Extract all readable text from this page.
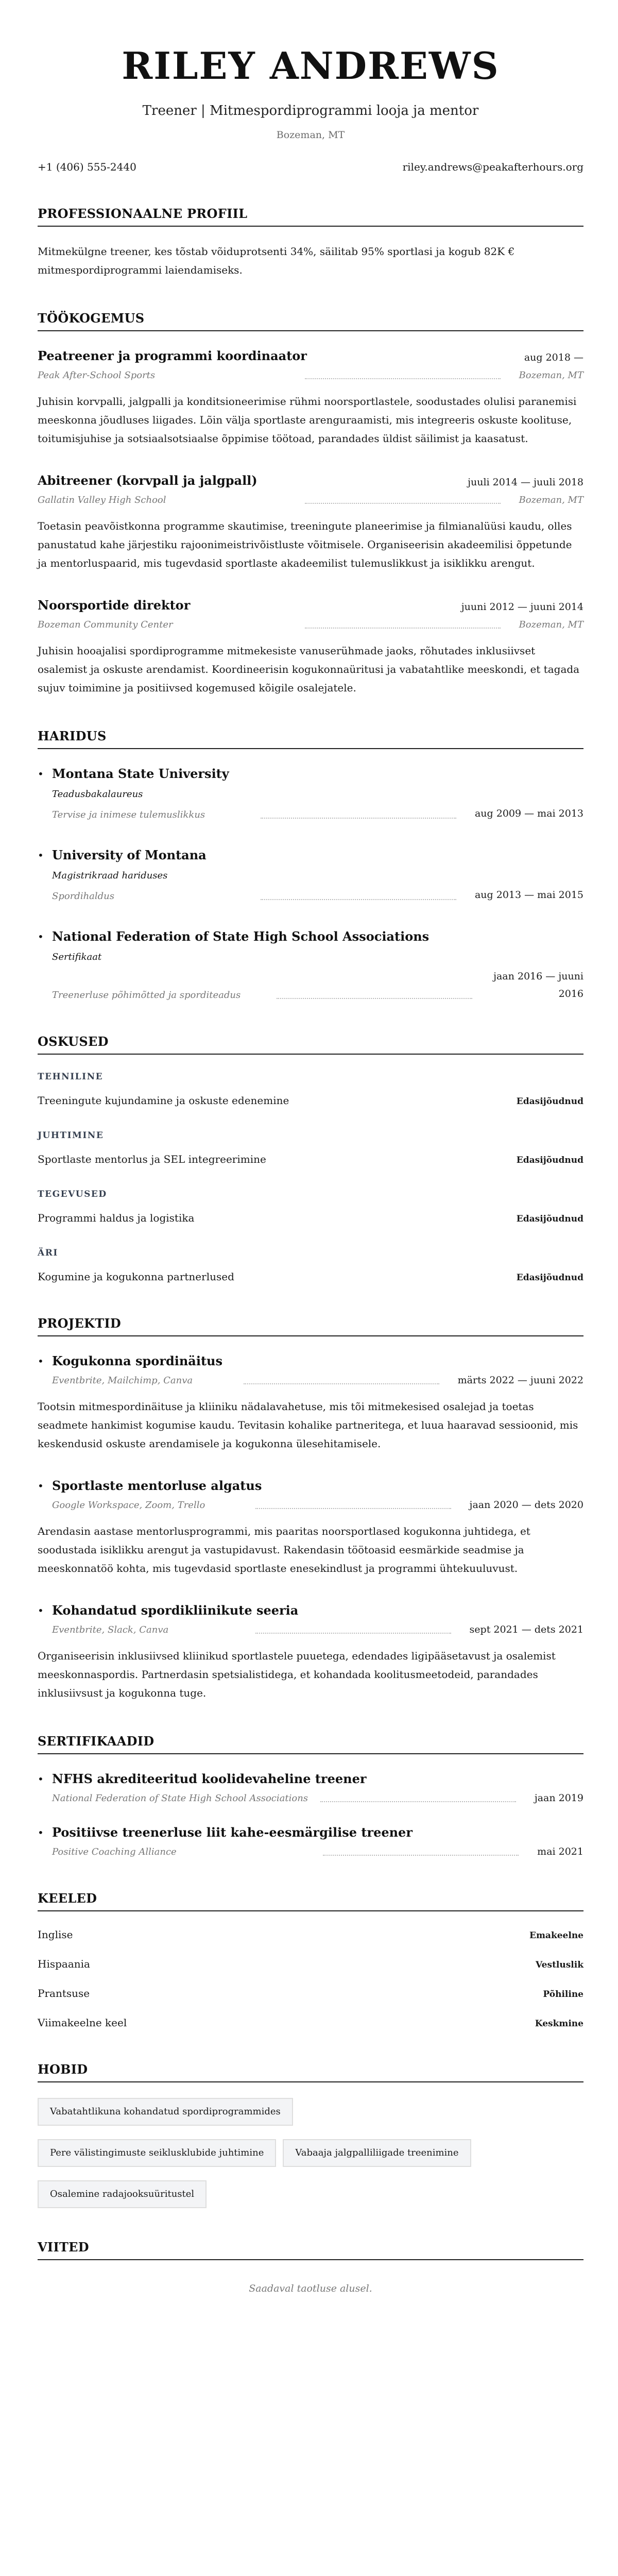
RILEY ANDREWS
Treener | Mitmespordiprogrammi looja ja mentor
Bozeman, MT
+1 (406) 555-2440	riley.andrews@peakafterhours.org
PROFESSIONAALNE PROFIIL

Mitmekülgne treener, kes tõstab võiduprotsenti 34%, säilitab 95% sportlasi ja kogub 82K € mitmespordiprogrammi laiendamiseks.

TÖÖKOGEMUS
Peatreener ja programmi koordinaator	aug 2018 —
Peak After-School Sports	Bozeman, MT

Juhisin korvpalli, jalgpalli ja konditsioneerimise rühmi noorsportlastele, soodustades olulisi paranemisi meeskonna jõudluses liigades. Lõin välja sportlaste arenguraamisti, mis integreeris oskuste koolituse, toitumisjuhise ja sotsiaalsotsiaalse õppimise töötoad, parandades üldist säilimist ja kaasatust.

Abitreener (korvpall ja jalgpall)	juuli 2014 — juuli 2018
Gallatin Valley High School	Bozeman, MT

Toetasin peavõistkonna programme skautimise, treeningute planeerimise ja filmianalüüsi kaudu, olles panustatud kahe järjestiku rajoonimeistrivõistluste võitmisele. Organiseerisin akadeemilisi õppetunde ja mentorluspaarid, mis tugevdasid sportlaste akadeemilist tulemuslikkust ja isiklikku arengut.

Noorsportide direktor	juuni 2012 — juuni 2014
Bozeman Community Center	Bozeman, MT

Juhisin hooajalisi spordiprogramme mitmekesiste vanuserühmade jaoks, rõhutades inklusiivset osalemist ja oskuste arendamist. Koordineerisin kogukonnaüritusi ja vabatahtlike meeskondi, et tagada sujuv toimimine ja positiivsed kogemused kõigile osalejatele.

HARIDUS
• Montana State University
Teadusbakalaureus
Tervise ja inimese tulemuslikkus	aug 2009 — mai 2013
• University of Montana
Magistrikraad hariduses
Spordihaldus	aug 2013 — mai 2015
• National Federation of State High School Associations
Sertifikaat
Treenerluse põhimõtted ja sporditeadus
jaan 2016 — juuni 2016
OSKUSED
TEHNILINE
Treeningute kujundamine ja oskuste edenemine	Edasijõudnud
JUHTIMINE
Sportlaste mentorlus ja SEL integreerimine	Edasijõudnud
TEGEVUSED
Programmi haldus ja logistika	Edasijõudnud
ÄRI
Kogumine ja kogukonna partnerlused	Edasijõudnud
PROJEKTID
• Kogukonna spordinäitus
Eventbrite, Mailchimp, Canva	märts 2022 — juuni 2022

Tootsin mitmespordinäituse ja kliiniku nädalavahetuse, mis tõi mitmekesised osalejad ja toetas seadmete hankimist kogumise kaudu. Tevitasin kohalike partneritega, et luua haaravad sessioonid, mis keskendusid oskuste arendamisele ja kogukonna ülesehitamisele.

• Sportlaste mentorluse algatus
Google Workspace, Zoom, Trello	jaan 2020 — dets 2020

Arendasin aastase mentorlusprogrammi, mis paaritas noorsportlased kogukonna juhtidega, et soodustada isiklikku arengut ja vastupidavust. Rakendasin töötoasid eesmärkide seadmise ja meeskonnatöö kohta, mis tugevdasid sportlaste enesekindlust ja programmi ühtekuuluvust.

• Kohandatud spordikliinikute seeria
Eventbrite, Slack, Canva	sept 2021 — dets 2021

Organiseerisin inklusiivsed kliinikud sportlastele puuetega, edendades ligipääsetavust ja osalemist meeskonnaspordis. Partnerdasin spetsialistidega, et kohandada koolitusmeetodeid, parandades inklusiivsust ja kogukonna tuge.

SERTIFIKAADID
• NFHS akrediteeritud koolidevaheline treener
National Federation of State High School Associations	jaan 2019
• Positiivse treenerluse liit kahe-eesmärgilise treener
Positive Coaching Alliance	mai 2021
KEELED
Inglise	Emakeelne
Hispaania	Vestluslik
Prantsuse	Põhiline
Viimakeelne keel	Keskmine
HOBID
Vabatahtlikuna kohandatud spordiprogrammides
Pere välistingimuste seiklusklubide juhtimine	Vabaaja jalgpalliliigade treenimine
Osalemine radajooksuüritustel
VIITED

Saadaval taotluse alusel.
